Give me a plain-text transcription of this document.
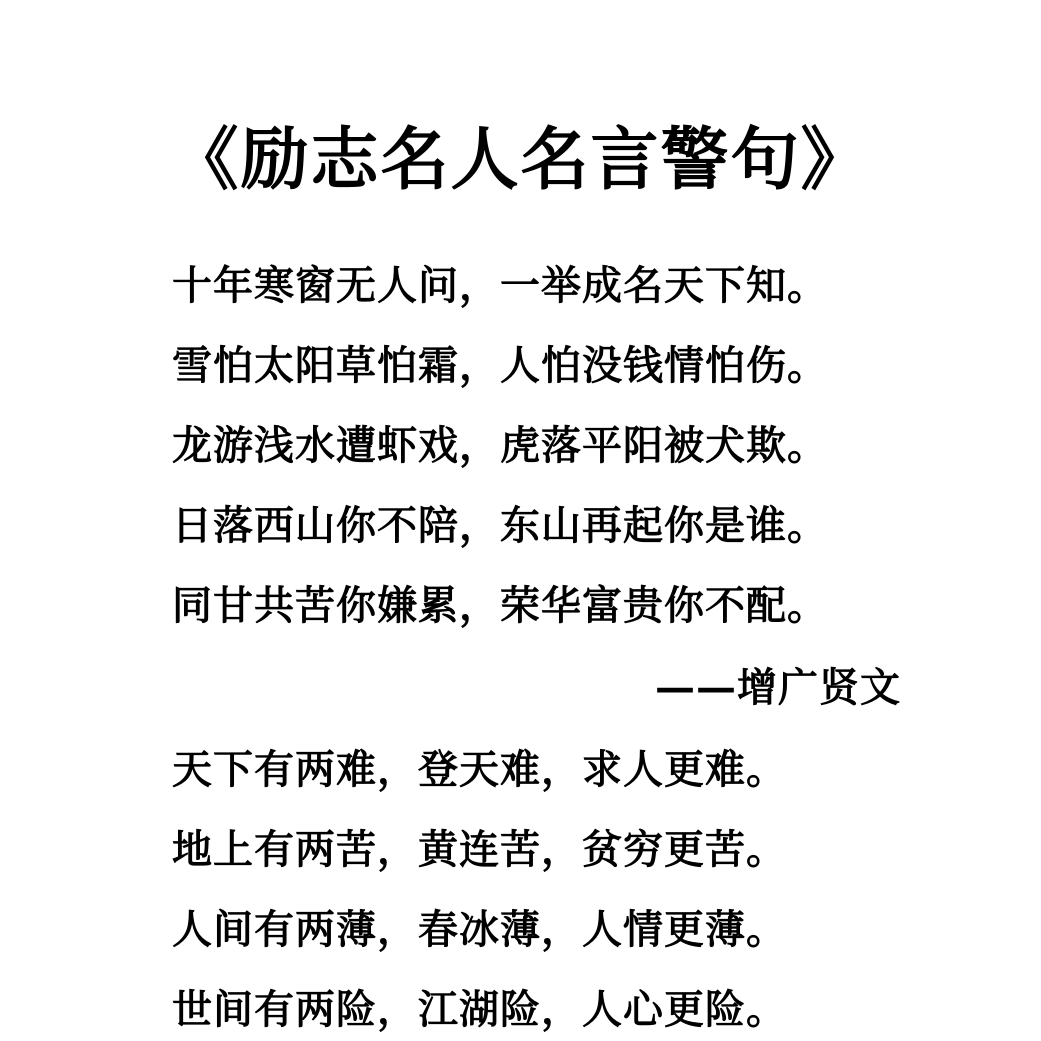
《励志名人名言警句》
十年寒窗无人问，一举成名天下知。
雪怕太阳草怕霜，人怕没钱情怕伤。
龙游浅水遭虾戏，虎落平阳被犬欺。
日落西山你不陪，东山再起你是谁。
同甘共苦你嫌累，荣华富贵你不配。
——增广贤文
天下有两难，登天难，求人更难。
地上有两苦，黄连苦，贫穷更苦。
人间有两薄，春冰薄，人情更薄。
世间有两险，江湖险，人心更险。
